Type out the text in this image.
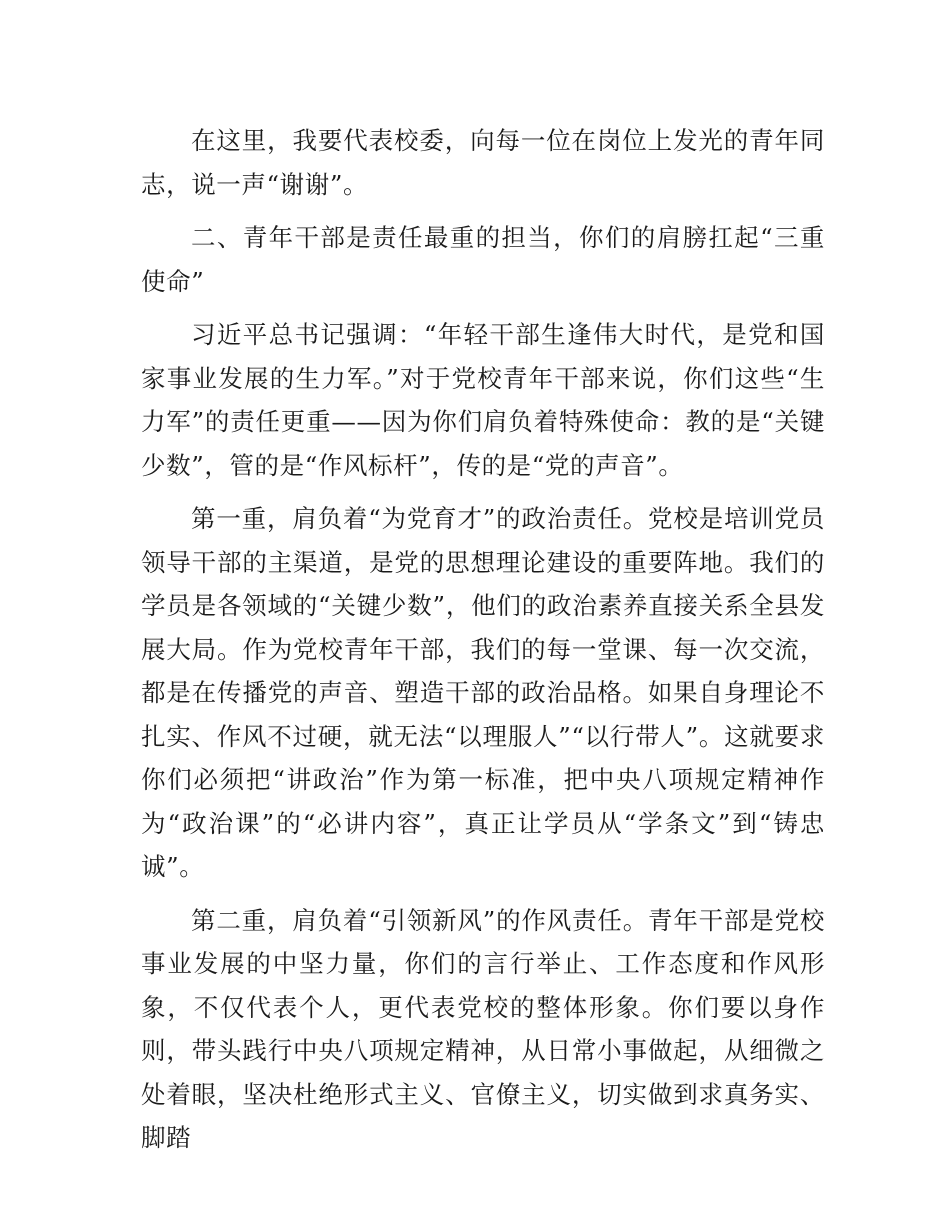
在这里，我要代表校委，向每一位在岗位上发光的青年同志，说一声“谢谢”。

二、青年干部是责任最重的担当，你们的肩膀扛起“三重使命”

习近平总书记强调：“年轻干部生逢伟大时代，是党和国家事业发展的生力军。”对于党校青年干部来说，你们这些“生力军”的责任更重——因为你们肩负着特殊使命：教的是“关键少数”，管的是“作风标杆”，传的是“党的声音”。

第一重，肩负着“为党育才”的政治责任。党校是培训党员领导干部的主渠道，是党的思想理论建设的重要阵地。我们的学员是各领域的“关键少数”，他们的政治素养直接关系全县发展大局。作为党校青年干部，我们的每一堂课、每一次交流，都是在传播党的声音、塑造干部的政治品格。如果自身理论不扎实、作风不过硬，就无法“以理服人”“以行带人”。这就要求你们必须把“讲政治”作为第一标准，把中央八项规定精神作为“政治课”的“必讲内容”，真正让学员从“学条文”到“铸忠诚”。

第二重，肩负着“引领新风”的作风责任。青年干部是党校事业发展的中坚力量，你们的言行举止、工作态度和作风形象，不仅代表个人，更代表党校的整体形象。你们要以身作则，带头践行中央八项规定精神，从日常小事做起，从细微之处着眼，坚决杜绝形式主义、官僚主义，切实做到求真务实、脚踏
